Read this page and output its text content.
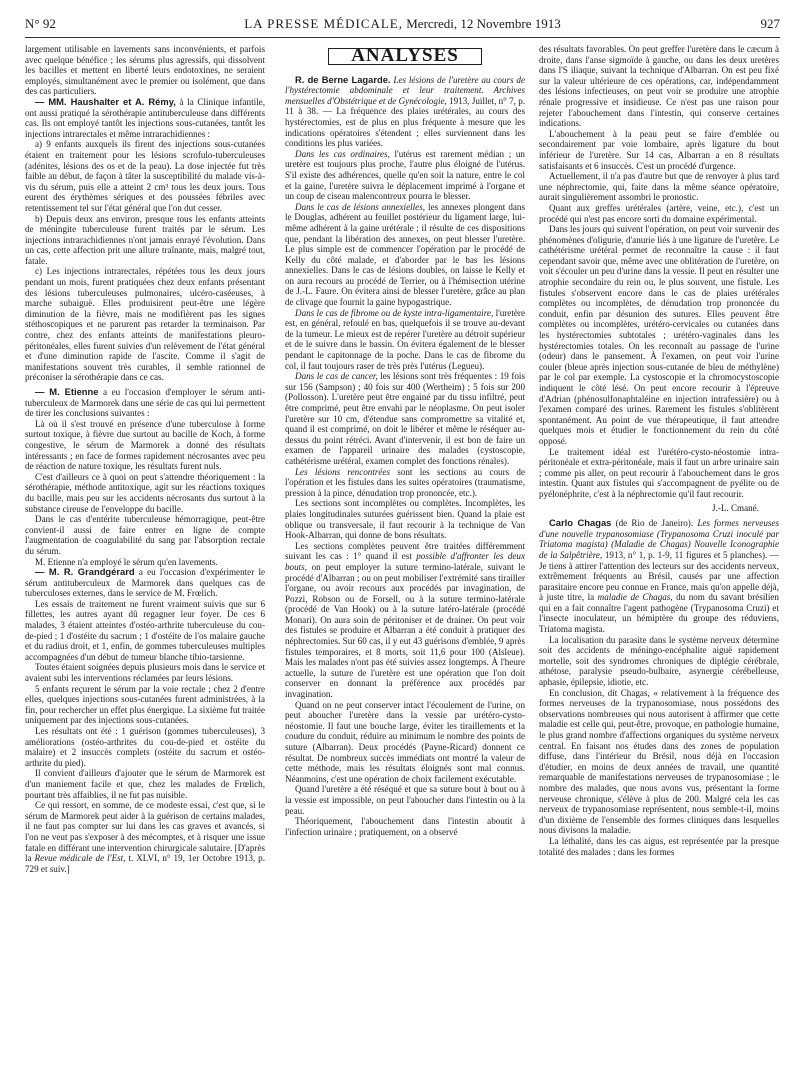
N° 92	LA PRESSE MÉDICALE, Mercredi, 12 Novembre 1913	927

largement utilisable en lavements sans inconvénients, et parfois avec quelque bénéfice ; les sérums plus agressifs, qui dissolvent les bacilles et mettent en liberté leurs endotoxines, ne seraient employés, simultanément avec le premier ou isolément, que dans des cas particuliers.

— MM. Haushalter et A. Rémy, à la Clinique infantile, ont aussi pratiqué la sérothérapie antituberculeuse dans différents cas. Ils ont employé tantôt les injections sous-cutanées, tantôt les injections intrarectales et même intrarachidiennes :

a) 9 enfants auxquels ils firent des injections sous-cutanées étaient en traitement pour les lésions scrofulo-tuberculeuses (adénites, lésions des os et de la peau). La dose injectée fut très faible au début, de façon à tâter la susceptibilité du malade vis-à-vis du sérum, puis elle a atteint 2 cm³ tous les deux jours. Tous eurent des érythèmes sériques et des poussées fébriles avec retentissement tel sur l'état général que l'on dut cesser.

b) Depuis deux ans environ, presque tous les enfants atteints de méningite tuberculeuse furent traités par le sérum. Les injections intrarachidiennes n'ont jamais enrayé l'évolution. Dans un cas, cette affection prit une allure traînante, mais, malgré tout, fatale.

c) Les injections intrarectales, répétées tous les deux jours pendant un mois, furent pratiquées chez deux enfants présentant des lésions tuberculeuses pulmonaires, ulcéro-caséeuses, à marche subaiguë. Elles produisirent peut-être une légère diminution de la fièvre, mais ne modifièrent pas les signes stéthoscopiques et ne parurent pas retarder la terminaison. Par contre, chez des enfants atteints de manifestations pleuro-péritonéales, elles furent suivies d'un relèvement de l'état général et d'une diminution rapide de l'ascite. Comme il s'agit de manifestations souvent très curables, il semble rationnel de préconiser la sérothérapie dans ce cas.

— M. Etienne a eu l'occasion d'employer le sérum anti-tuberculeux de Marmorek dans une série de cas qui lui permettent de tirer les conclusions suivantes :

Là où il s'est trouvé en présence d'une tuberculose à forme surtout toxique, à fièvre due surtout au bacille de Koch, à forme congestive, le sérum de Marmorek a donné des résultats intéressants ; en face de formes rapidement nécrosantes avec peu de réaction de nature toxique, les résultats furent nuls.

C'est d'ailleurs ce à quoi on peut s'attendre théoriquement : la sérothérapie, méthode antitoxique, agit sur les réactions toxiques du bacille, mais peu sur les accidents nécrosants dus surtout à la substance cireuse de l'enveloppe du bacille.

Dans le cas d'entérite tuberculeuse hémorragique, peut-être convient-il aussi de faire entrer en ligne de compte l'augmentation de coagulabilité du sang par l'absorption rectale du sérum.

M. Etienne n'a employé le sérum qu'en lavements.

— M. R. Grandgérard a eu l'occasion d'expérimenter le sérum antituberculeux de Marmorek dans quelques cas de tuberculoses externes, dans le service de M. Frœlich.

Les essais de traitement ne furent vraiment suivis que sur 6 fillettes, les autres ayant dû regagner leur foyer. De ces 6 malades, 3 étaient atteintes d'ostéo-arthrite tuberculeuse du cou-de-pied ; 1 d'ostéite du sacrum ; 1 d'ostéite de l'os malaire gauche et du radius droit, et 1, enfin, de gommes tuberculeuses multiples accompagnées d'un début de tumeur blanche tibio-tarsienne.

Toutes étaient soignées depuis plusieurs mois dans le service et avaient subi les interventions réclamées par leurs lésions.

5 enfants reçurent le sérum par la voie rectale ; chez 2 d'entre elles, quelques injections sous-cutanées furent administrées, à la fin, pour rechercher un effet plus énergique. La sixième fut traitée uniquement par des injections sous-cutanées.

Les résultats ont été : 1 guérison (gommes tuberculeuses), 3 améliorations (ostéo-arthrites du cou-de-pied et ostéite du malaire) et 2 insuccès complets (ostéite du sacrum et ostéo-arthrite du pied).

Il convient d'ailleurs d'ajouter que le sérum de Marmorek est d'un maniement facile et que, chez les malades de Frœlich, pourtant très affaiblies, il ne fut pas nuisible.

Ce qui ressort, en somme, de ce modeste essai, c'est que, si le sérum de Marmorek peut aider à la guérison de certains malades, il ne faut pas compter sur lui dans les cas graves et avancés, si l'on ne veut pas s'exposer à des mécomptes, et à risquer une issue fatale en différant une intervention chirurgicale salutaire. [D'après la Revue médicale de l'Est, t. XLVI, n° 19, 1er Octobre 1913, p. 729 et suiv.]

ANALYSES

R. de Berne Lagarde. Les lésions de l'uretère au cours de l'hystérectomie abdominale et leur traitement. Archives mensuelles d'Obstétrique et de Gynécologie, 1913, Juillet, n° 7, p. 11 à 38. — La fréquence des plaies urétérales, au cours des hystérectomies, est de plus en plus fréquente à mesure que les indications opératoires s'étendent ; elles surviennent dans les conditions les plus variées.

Dans les cas ordinaires, l'utérus est rarement médian ; un uretère est toujours plus proche, l'autre plus éloigné de l'utérus. S'il existe des adhérences, quelle qu'en soit la nature, entre le col et la gaine, l'uretère suivra le déplacement imprimé à l'organe et un coup de ciseau malencontreux pourra le blesser.

Dans le cas de lésions annexielles, les annexes plongent dans le Douglas, adhérent au feuillet postérieur du ligament large, lui-même adhérent à la gaine urétérale ; il résulte de ces dispositions que, pendant la libération des annexes, on peut blesser l'uretère. Le plus simple est de commencer l'opération par le procédé de Kelly du côté malade, et d'aborder par le bas les lésions annexielles. Dans le cas de lésions doubles, on laisse le Kelly et on aura recours au procédé de Terrier, ou à l'hémisection utérine de J.-L. Faure. On évitera ainsi de blesser l'uretère, grâce au plan de clivage que fournit la gaine hypogastrique.

Dans le cas de fibrome ou de kyste intra-ligamentaire, l'uretère est, en général, refoulé en bas, quelquefois il se trouve au-devant de la tumeur. Le mieux est de repérer l'uretère au détroit supérieur et de le suivre dans le bassin. On évitera également de le blesser pendant le capitonnage de la poche. Dans le cas de fibrome du col, il faut toujours raser de très près l'utérus (Legueu).

Dans le cas de cancer, les lésions sont très fréquentes : 19 fois sur 156 (Sampson) ; 40 fois sur 400 (Wertheim) ; 5 fois sur 200 (Pollosson). L'uretère peut être engainé par du tissu infiltré, peut être comprimé, peut être envahi par le néoplasme. On peut isoler l'uretère sur 10 cm, d'étendue sans compromettre sa vitalité et, quand il est comprimé, on doit le libérer et même le réséquer au-dessus du point rétréci. Avant d'intervenir, il est bon de faire un examen de l'appareil urinaire des malades (cystoscopie, cathétérisme urétéral, examen complet des fonctions rénales).

Les lésions rencontrées sont les sections au cours de l'opération et les fistules dans les suites opératoires (traumatisme, pression à la pince, dénudation trop prononcée, etc.).

Les sections sont incomplètes ou complètes. Incomplètes, les plaies longitudinales suturées guérissent bien. Quand la plaie est oblique ou transversale, il faut recourir à la technique de Van Hook-Albarran, qui donne de bons résultats.

Les sections complètes peuvent être traitées différemment suivant les cas : 1° quand il est possible d'affronter les deux bouts, on peut employer la suture termino-latérale, suivant le procédé d'Albarran ; ou on peut mobiliser l'extrémité sans tirailler l'organe, ou avoir recours aux procédés par invagination, de Pozzi, Robson ou de Forsell, ou à la suture termino-latérale (procédé de Van Hook) ou à la suture latéro-latérale (procédé Monari). On aura soin de péritoniser et de drainer. On peut voir des fistules se produire et Albarran a été conduit à pratiquer des néphrectomies. Sur 60 cas, il y eut 43 guérisons d'emblée, 9 après fistules temporaires, et 8 morts, soit 11,6 pour 100 (Alsleue). Mais les malades n'ont pas été suivies assez longtemps. À l'heure actuelle, la suture de l'uretère est une opération que l'on doit conserver en donnant la préférence aux procédés par invagination.

Quand on ne peut conserver intact l'écoulement de l'urine, on peut aboucher l'uretère dans la vessie par urétéro-cysto-néostomie. Il faut une bouche large, éviter les tiraillements et la coudure du conduit, réduire au minimum le nombre des points de suture (Albarran). Deux procédés (Payne-Ricard) donnent ce résultat. De nombreux succès immédiats ont montré la valeur de cette méthode, mais les résultats éloignés sont mal connus. Néanmoins, c'est une opération de choix facilement exécutable.

Quand l'uretère a été réséqué et que sa suture bout à bout ou à la vessie est impossible, on peut l'aboucher dans l'intestin ou à la peau.

Théoriquement, l'abouchement dans l'intestin aboutit à l'infection urinaire ; pratiquement, on a observé

des résultats favorables. On peut greffer l'uretère dans le cæcum à droite, dans l'anse sigmoïde à gauche, ou dans les deux uretères dans l'S iliaque, suivant la technique d'Albarran. On est peu fixé sur la valeur ultérieure de ces opérations, car, indépendamment des lésions infectieuses, on peut voir se produire une atrophie rénale progressive et insidieuse. Ce n'est pas une raison pour rejeter l'abouchement dans l'intestin, qui conserve certaines indications.

L'abouchement à la peau peut se faire d'emblée ou secondairement par voie lombaire, après ligature du bout inférieur de l'uretère. Sur 14 cas, Albarran a en 8 résultats satisfaisants et 6 insuccès. C'est un procédé d'urgence.

Actuellement, il n'a pas d'autre but que de renvoyer à plus tard une néphrectomie, qui, faite dans la même séance opératoire, aurait singulièrement assombri le pronostic.

Quant aux greffes urétérales (artère, veine, etc.), c'est un procédé qui n'est pas encore sorti du domaine expérimental.

Dans les jours qui suivent l'opération, on peut voir survenir des phénomènes d'oligurie, d'anurie liés à une ligature de l'uretère. Le cathétérisme urétéral permet de reconnaître la cause : il faut cependant savoir que, même avec une oblitération de l'uretère, on voit s'écouler un peu d'urine dans la vessie. Il peut en résulter une atrophie secondaire du rein ou, le plus souvent, une fistule. Les fistules s'observent encore dans le cas de plaies urétérales complètes ou incomplètes, de dénudation trop prononcée du conduit, enfin par désunion des sutures. Elles peuvent être complètes ou incomplètes, urétéro-cervicales ou cutanées dans les hystérectomies subtotales ; urétéro-vaginales dans les hystérectomies totales. On les reconnaît au passage de l'urine (odeur) dans le pansement. À l'examen, on peut voir l'urine couler (bleue après injection sous-cutanée de bleu de méthylène) par le col par exemple. La cystoscopie et la chromocystoscopie indiquent le côté lésé. On peut encore recourir à l'épreuve d'Adrian (phénosulfonaphtaléine en injection intrafessière) ou à l'examen comparé des urines. Rarement les fistules s'oblitèrent spontanément. Au point de vue thérapeutique, il faut attendre quelques mois et étudier le fonctionnement du rein du côté opposé.

Le traitement idéal est l'urétéro-cysto-néostomie intra-péritonéale et extra-péritonéale, mais il faut un arbre urinaire sain ; comme pis aller, on peut recourir à l'abouchement dans le gros intestin. Quant aux fistules qui s'accompagnent de pyélite ou de pyélonéphrite, c'est à la néphrectomie qu'il faut recourir.

J.-L. Cmané.

Carlo Chagas (de Rio de Janeiro). Les formes nerveuses d'une nouvelle trypanosomiase (Trypanosoma Cruzi inoculé par Triatoma magista) (Maladie de Chagas) Nouvelle Iconographie de la Salpêtrière, 1913, n° 1, p. 1-9, 11 figures et 5 planches). — Je tiens à attirer l'attention des lecteurs sur des accidents nerveux, extrêmement fréquents au Brésil, causés par une affection parasitaire encore peu connue en France, mais qu'on appelle déjà, à juste titre, la maladie de Chagas, du nom du savant brésilien qui en a fait connaître l'agent pathogène (Trypanosoma Cruzi) et l'insecte inoculateur, un hémiptère du groupe des réduviens, Triatoma magista.

La localisation du parasite dans le système nerveux détermine soit des accidents de méningo-encéphalite aiguë rapidement mortelle, soit des syndromes chroniques de diplégie cérébrale, athétose, paralysie pseudo-bulbaire, asynergie cérébelleuse, aphasie, épilepsie, idiotie, etc.

En conclusion, dit Chagas, « relativement à la fréquence des formes nerveuses de la trypanosomiase, nous possédons des observations nombreuses qui nous autorisent à affirmer que cette maladie est celle qui, peut-être, provoque, en pathologie humaine, le plus grand nombre d'affections organiques du système nerveux central. En faisant nos études dans des zones de population diffuse, dans l'intérieur du Brésil, nous déjà en l'occasion d'étudier, en moins de deux années de travail, une quantité remarquable de manifestations nerveuses de trypanosomiase ; le nombre des malades, que nous avons vus, présentant la forme nerveuse chronique, s'élève à plus de 200. Malgré cela les cas nerveux de trypanosomiase représentent, nous semble-t-il, moins d'un dixième de l'ensemble des formes cliniques dans lesquelles nous divisons la maladie.

La léthalité, dans les cas aigus, est représentée par la presque totalité des malades ; dans les formes
